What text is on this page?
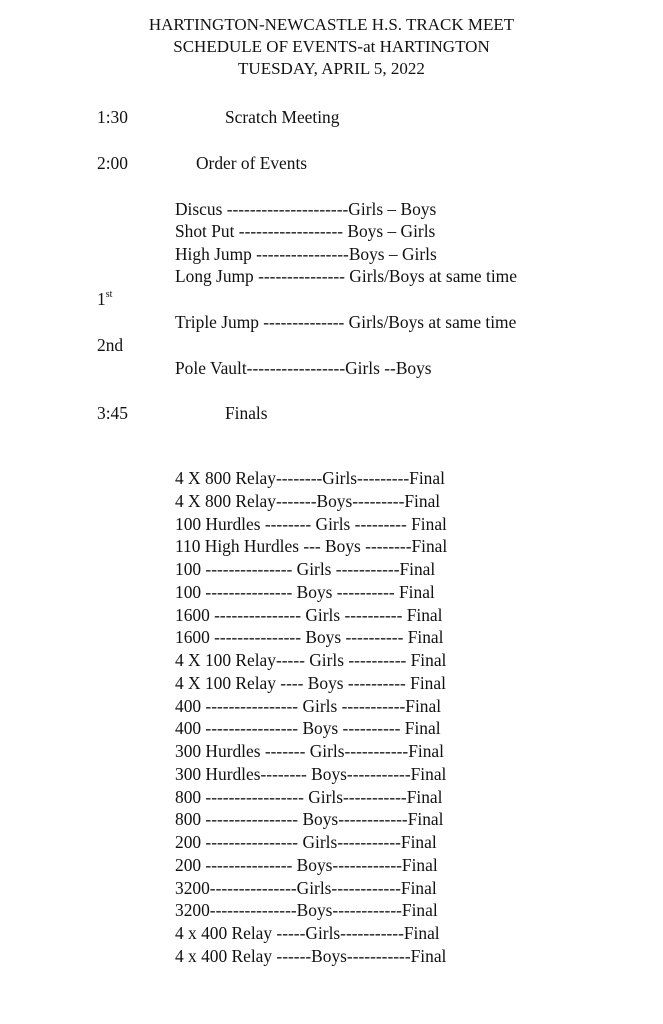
HARTINGTON-NEWCASTLE H.S. TRACK MEET
SCHEDULE OF EVENTS-at HARTINGTON
TUESDAY, APRIL 5, 2022
1:30	Scratch Meeting
2:00	Order of Events
Discus ---------------------Girls – Boys
Shot Put ------------------ Boys – Girls
High Jump ----------------Boys – Girls
Long Jump --------------- Girls/Boys at same time
1st
Triple Jump -------------- Girls/Boys at same time
2nd
Pole Vault-----------------Girls --Boys
3:45	Finals
4 X 800 Relay--------Girls---------Final
4 X 800 Relay-------Boys---------Final
100 Hurdles -------- Girls --------- Final
110 High Hurdles --- Boys --------Final
100 --------------- Girls -----------Final
100 --------------- Boys ---------- Final
1600 --------------- Girls ---------- Final
1600 --------------- Boys ---------- Final
4 X 100 Relay----- Girls ---------- Final
4 X 100 Relay ---- Boys ---------- Final
400 ---------------- Girls -----------Final
400 ---------------- Boys ---------- Final
300 Hurdles ------- Girls-----------Final
300 Hurdles-------- Boys-----------Final
800 ----------------- Girls-----------Final
800 ---------------- Boys------------Final
200 ---------------- Girls-----------Final
200 --------------- Boys------------Final
3200---------------Girls------------Final
3200---------------Boys------------Final
4 x 400 Relay -----Girls-----------Final
4 x 400 Relay ------Boys-----------Final
